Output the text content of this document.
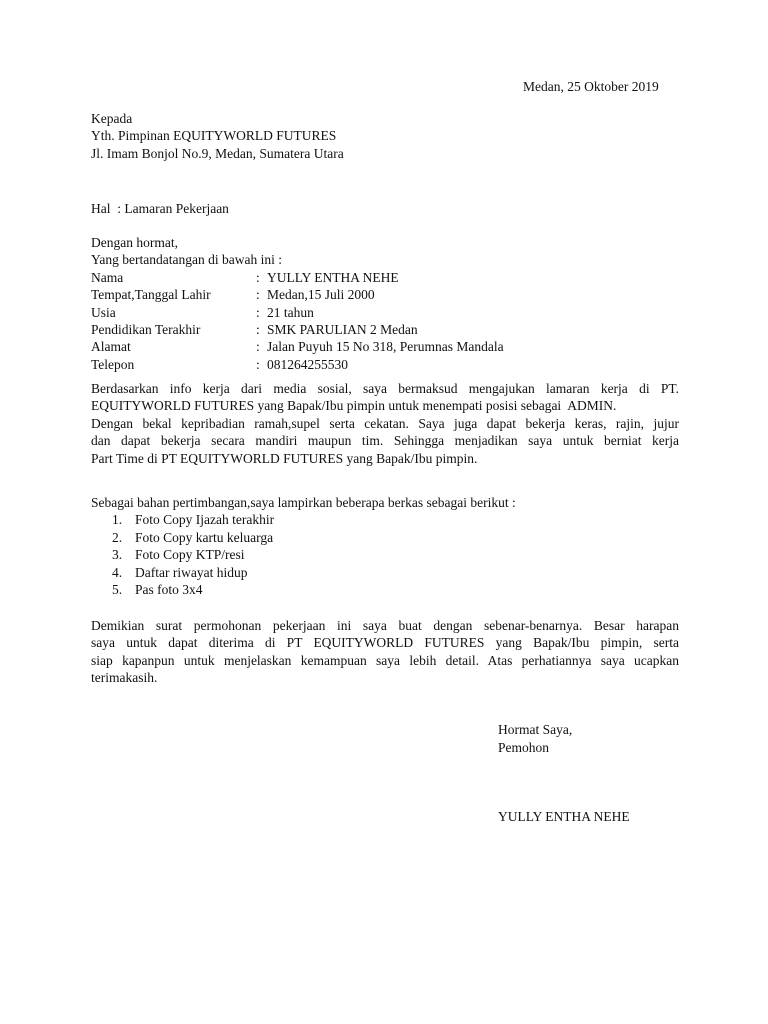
Medan, 25 Oktober 2019
Kepada
Yth. Pimpinan EQUITYWORLD FUTURES
Jl. Imam Bonjol No.9, Medan, Sumatera Utara
Hal  : Lamaran Pekerjaan
Dengan hormat,
Yang bertandatangan di bawah ini :
Nama	: YULLY ENTHA NEHE
Tempat,Tanggal Lahir	: Medan,15 Juli 2000
Usia	: 21 tahun
Pendidikan Terakhir	: SMK PARULIAN 2 Medan
Alamat	: Jalan Puyuh 15 No 318, Perumnas Mandala
Telepon	: 081264255530
Berdasarkan info kerja dari media sosial, saya bermaksud mengajukan lamaran kerja di PT.
EQUITYWORLD FUTURES yang Bapak/Ibu pimpin untuk menempati posisi sebagai  ADMIN.
Dengan bekal kepribadian ramah,supel serta cekatan. Saya juga dapat bekerja keras, rajin, jujur
dan dapat bekerja secara mandiri maupun tim. Sehingga menjadikan saya untuk berniat kerja
Part Time di PT EQUITYWORLD FUTURES yang Bapak/Ibu pimpin.
Sebagai bahan pertimbangan,saya lampirkan beberapa berkas sebagai berikut :
1. Foto Copy Ijazah terakhir
2. Foto Copy kartu keluarga
3. Foto Copy KTP/resi
4. Daftar riwayat hidup
5. Pas foto 3x4
Demikian surat permohonan pekerjaan ini saya buat dengan sebenar-benarnya. Besar harapan
saya untuk dapat diterima di PT EQUITYWORLD FUTURES yang Bapak/Ibu pimpin, serta
siap kapanpun untuk menjelaskan kemampuan saya lebih detail. Atas perhatiannya saya ucapkan
terimakasih.
Hormat Saya,
Pemohon
YULLY ENTHA NEHE
